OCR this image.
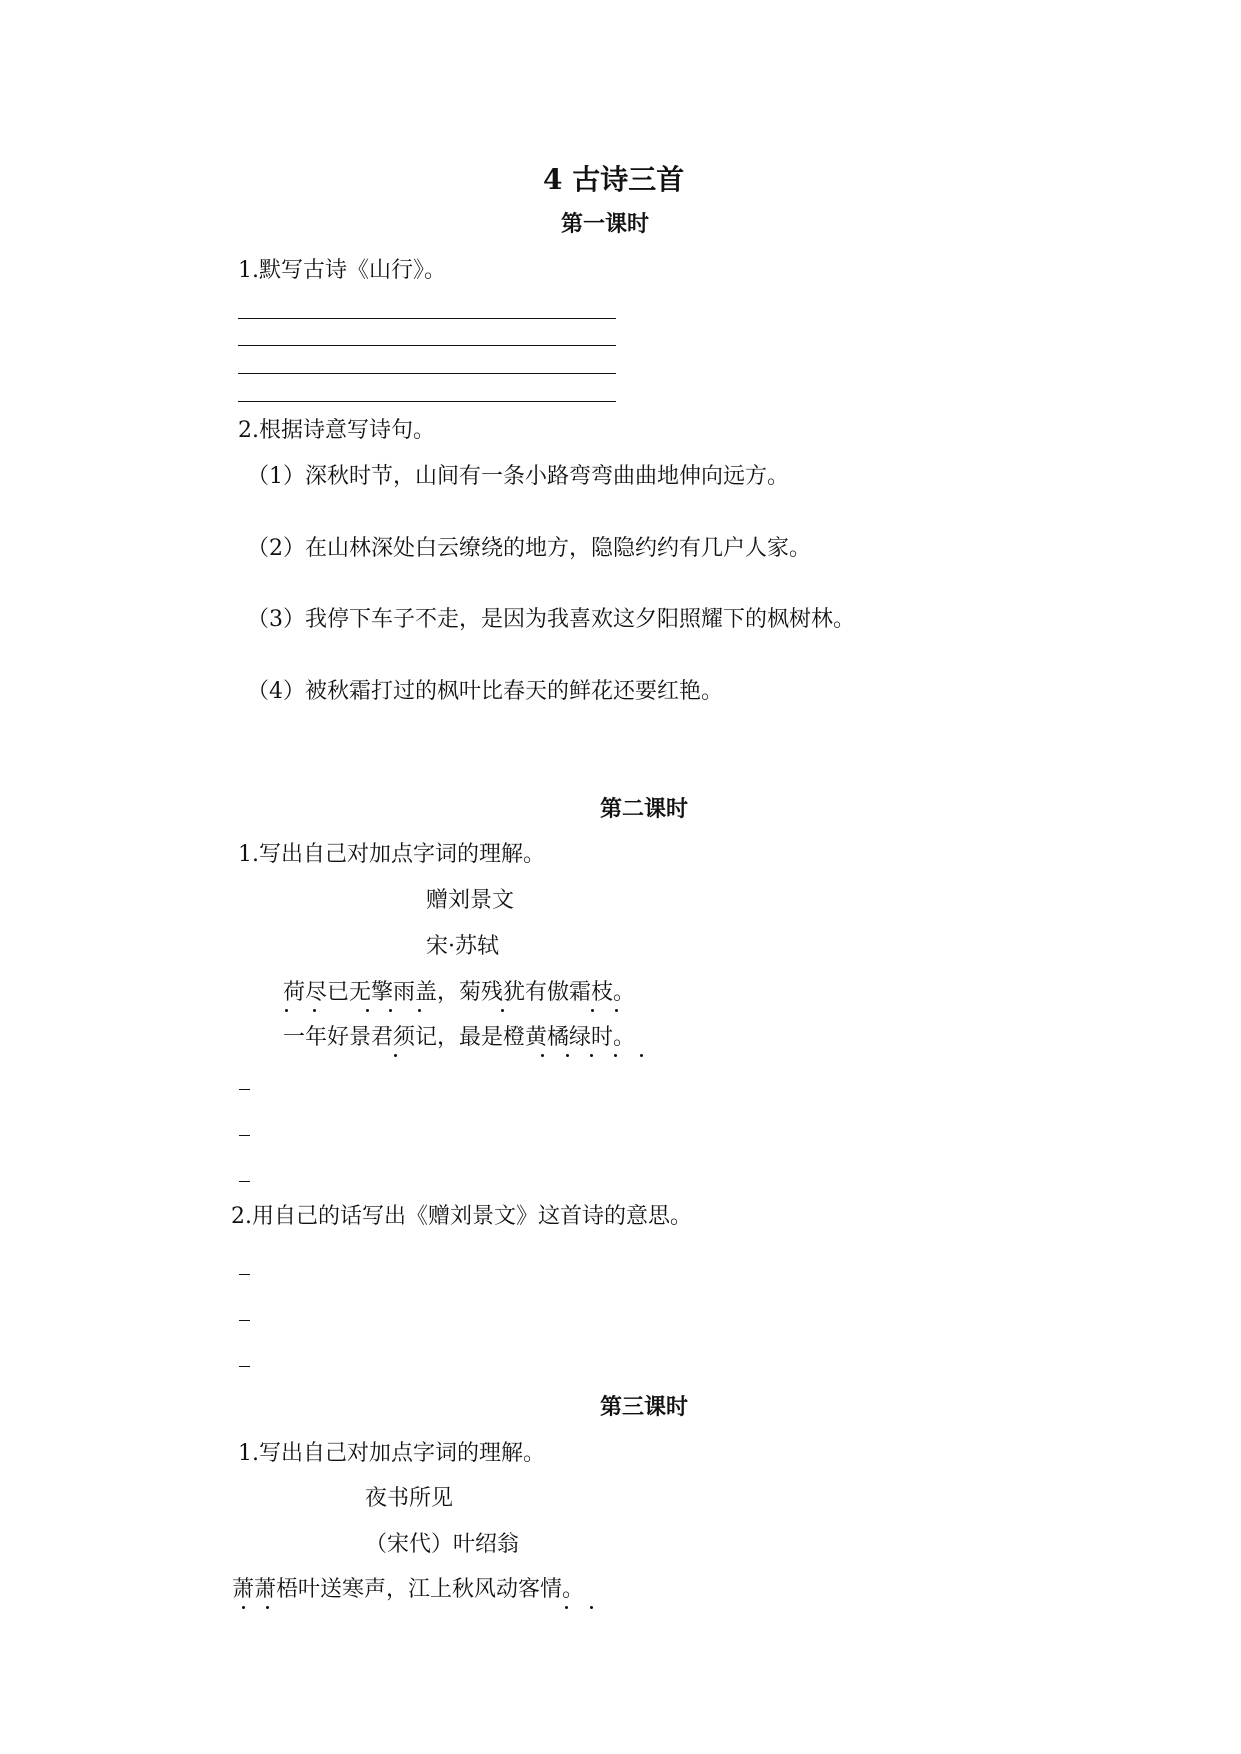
4 古诗三首
第一课时
1.默写古诗《山行》。
2.根据诗意写诗句。
（1）深秋时节，山间有一条小路弯弯曲曲地伸向远方。
（2）在山林深处白云缭绕的地方，隐隐约约有几户人家。
（3）我停下车子不走，是因为我喜欢这夕阳照耀下的枫树林。
（4）被秋霜打过的枫叶比春天的鲜花还要红艳。
第二课时
1.写出自己对加点字词的理解。
赠刘景文
宋·苏轼
荷尽已无擎雨盖，菊残犹有傲霜枝。
一年好景君须记，最是橙黄橘绿时。
2.用自己的话写出《赠刘景文》这首诗的意思。
第三课时
1.写出自己对加点字词的理解。
夜书所见
（宋代）叶绍翁
萧萧梧叶送寒声，江上秋风动客情。
